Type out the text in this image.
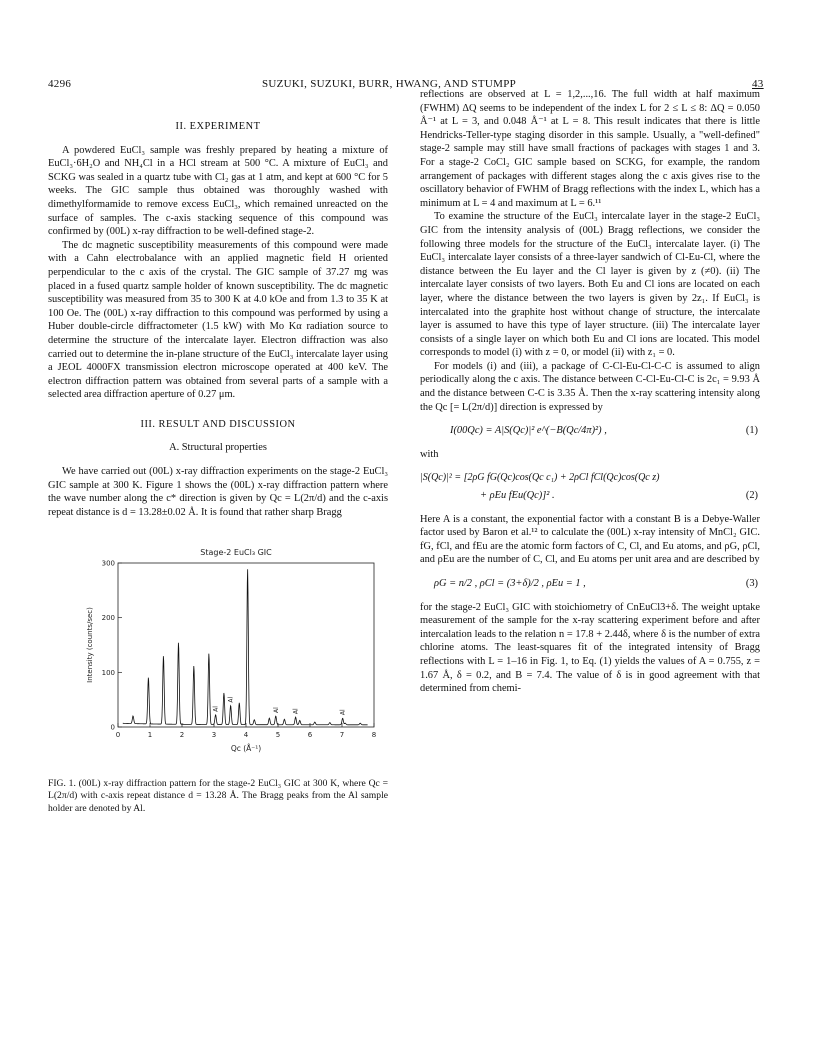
4296	SUZUKI, SUZUKI, BURR, HWANG, AND STUMPP	43
II. EXPERIMENT

A powdered EuCl₃ sample was freshly prepared by heating a mixture of EuCl₃·6H₂O and NH₄Cl in a HCl stream at 500 °C. A mixture of EuCl₃ and SCKG was sealed in a quartz tube with Cl₂ gas at 1 atm, and kept at 600 °C for 5 weeks. The GIC sample thus obtained was thoroughly washed with dimethylformamide to remove excess EuCl₃, which remained unreacted on the surface of samples. The c-axis stacking sequence of this compound was confirmed by (00L) x-ray diffraction to be well-defined stage-2.

The dc magnetic susceptibility measurements of this compound were made with a Cahn electrobalance with an applied magnetic field H oriented perpendicular to the c axis of the crystal. The GIC sample of 37.27 mg was placed in a fused quartz sample holder of known susceptibility. The dc magnetic susceptibility was measured from 35 to 300 K at 4.0 kOe and from 1.3 to 35 K at 100 Oe. The (00L) x-ray diffraction to this compound was performed by using a Huber double-circle diffractometer (1.5 kW) with Mo Kα radiation source to determine the structure of the intercalate layer. Electron diffraction was also carried out to determine the in-plane structure of the EuCl₃ intercalate layer using a JEOL 4000FX transmission electron microscope operated at 400 keV. The electron diffraction pattern was obtained from several parts of a sample with a selected area diffraction aperture of 0.27 μm.

III. RESULT AND DISCUSSION
A. Structural properties

We have carried out (00L) x-ray diffraction experiments on the stage-2 EuCl₃ GIC sample at 300 K. Figure 1 shows the (00L) x-ray diffraction pattern where the wave number along the c* direction is given by Qc = L(2π/d) and the c-axis repeat distance is d = 13.28±0.02 Å. It is found that rather sharp Bragg

Stage-2 EuCl₃ GIC
0	1	2	3	4	5	6	7	8
0
100
200
300
Qc (Å⁻¹)
Intensity (counts/sec)
Al
Al
Al Al	Al
FIG. 1. (00L) x-ray diffraction pattern for the stage-2 EuCl₃ GIC at 300 K, where Qc = L(2π/d) with c-axis repeat distance d = 13.28 Å. The Bragg peaks from the Al sample holder are denoted by Al.

reflections are observed at L = 1,2,...,16. The full width at half maximum (FWHM) ΔQ seems to be independent of the index L for 2 ≤ L ≤ 8: ΔQ = 0.050 Å⁻¹ at L = 3, and 0.048 Å⁻¹ at L = 8. This result indicates that there is little Hendricks-Teller-type staging disorder in this sample. Usually, a "well-defined" stage-2 sample may still have small fractions of packages with stages 1 and 3. For a stage-2 CoCl₂ GIC sample based on SCKG, for example, the random arrangement of packages with different stages along the c axis gives rise to the oscillatory behavior of FWHM of Bragg reflections with the index L, which has a minimum at L = 4 and maximum at L = 6.¹¹

To examine the structure of the EuCl₃ intercalate layer in the stage-2 EuCl₃ GIC from the intensity analysis of (00L) Bragg reflections, we consider the following three models for the structure of the EuCl₃ intercalate layer. (i) The EuCl₃ intercalate layer consists of a three-layer sandwich of Cl-Eu-Cl, where the distance between the Eu layer and the Cl layer is given by z (≠0). (ii) The intercalate layer consists of two layers. Both Eu and Cl ions are located on each layer, where the distance between the two layers is given by 2z₁. If EuCl₃ is intercalated into the graphite host without change of structure, the intercalate layer is assumed to have this type of layer structure. (iii) The intercalate layer consists of a single layer on which both Eu and Cl ions are located. This model corresponds to model (i) with z = 0, or model (ii) with z₁ = 0.

For models (i) and (iii), a package of C-Cl-Eu-Cl-C-C is assumed to align periodically along the c axis. The distance between C-Cl-Eu-Cl-C is 2c₁ = 9.93 Å and the distance between C-C is 3.35 Å. Then the x-ray scattering intensity along the Qc [= L(2π/d)] direction is expressed by

I(00Qc) = A|S(Qc)|² e^(−B(Qc/4π)²) ,	(1)

with

|S(Qc)|² = [2ρG fG(Qc)cos(Qc c₁) + 2ρCl fCl(Qc)cos(Qc z)
+ ρEu fEu(Qc)]² .	(2)

Here A is a constant, the exponential factor with a constant B is a Debye-Waller factor used by Baron et al.¹² to calculate the (00L) x-ray intensity of MnCl₂ GIC. fG, fCl, and fEu are the atomic form factors of C, Cl, and Eu atoms, and ρG, ρCl, and ρEu are the number of C, Cl, and Eu atoms per unit area and are described by

ρG = n/2 , ρCl = (3+δ)/2 , ρEu = 1 ,	(3)

for the stage-2 EuCl₃ GIC with stoichiometry of CnEuCl3+δ. The weight uptake measurement of the sample for the x-ray scattering experiment before and after intercalation leads to the relation n = 17.8 + 2.44δ, where δ is the number of extra chlorine atoms. The least-squares fit of the integrated intensity of Bragg reflections with L = 1–16 in Fig. 1, to Eq. (1) yields the values of A = 0.755, z = 1.67 Å, δ = 0.2, and B = 7.4. The value of δ is in good agreement with that determined from chemi-
